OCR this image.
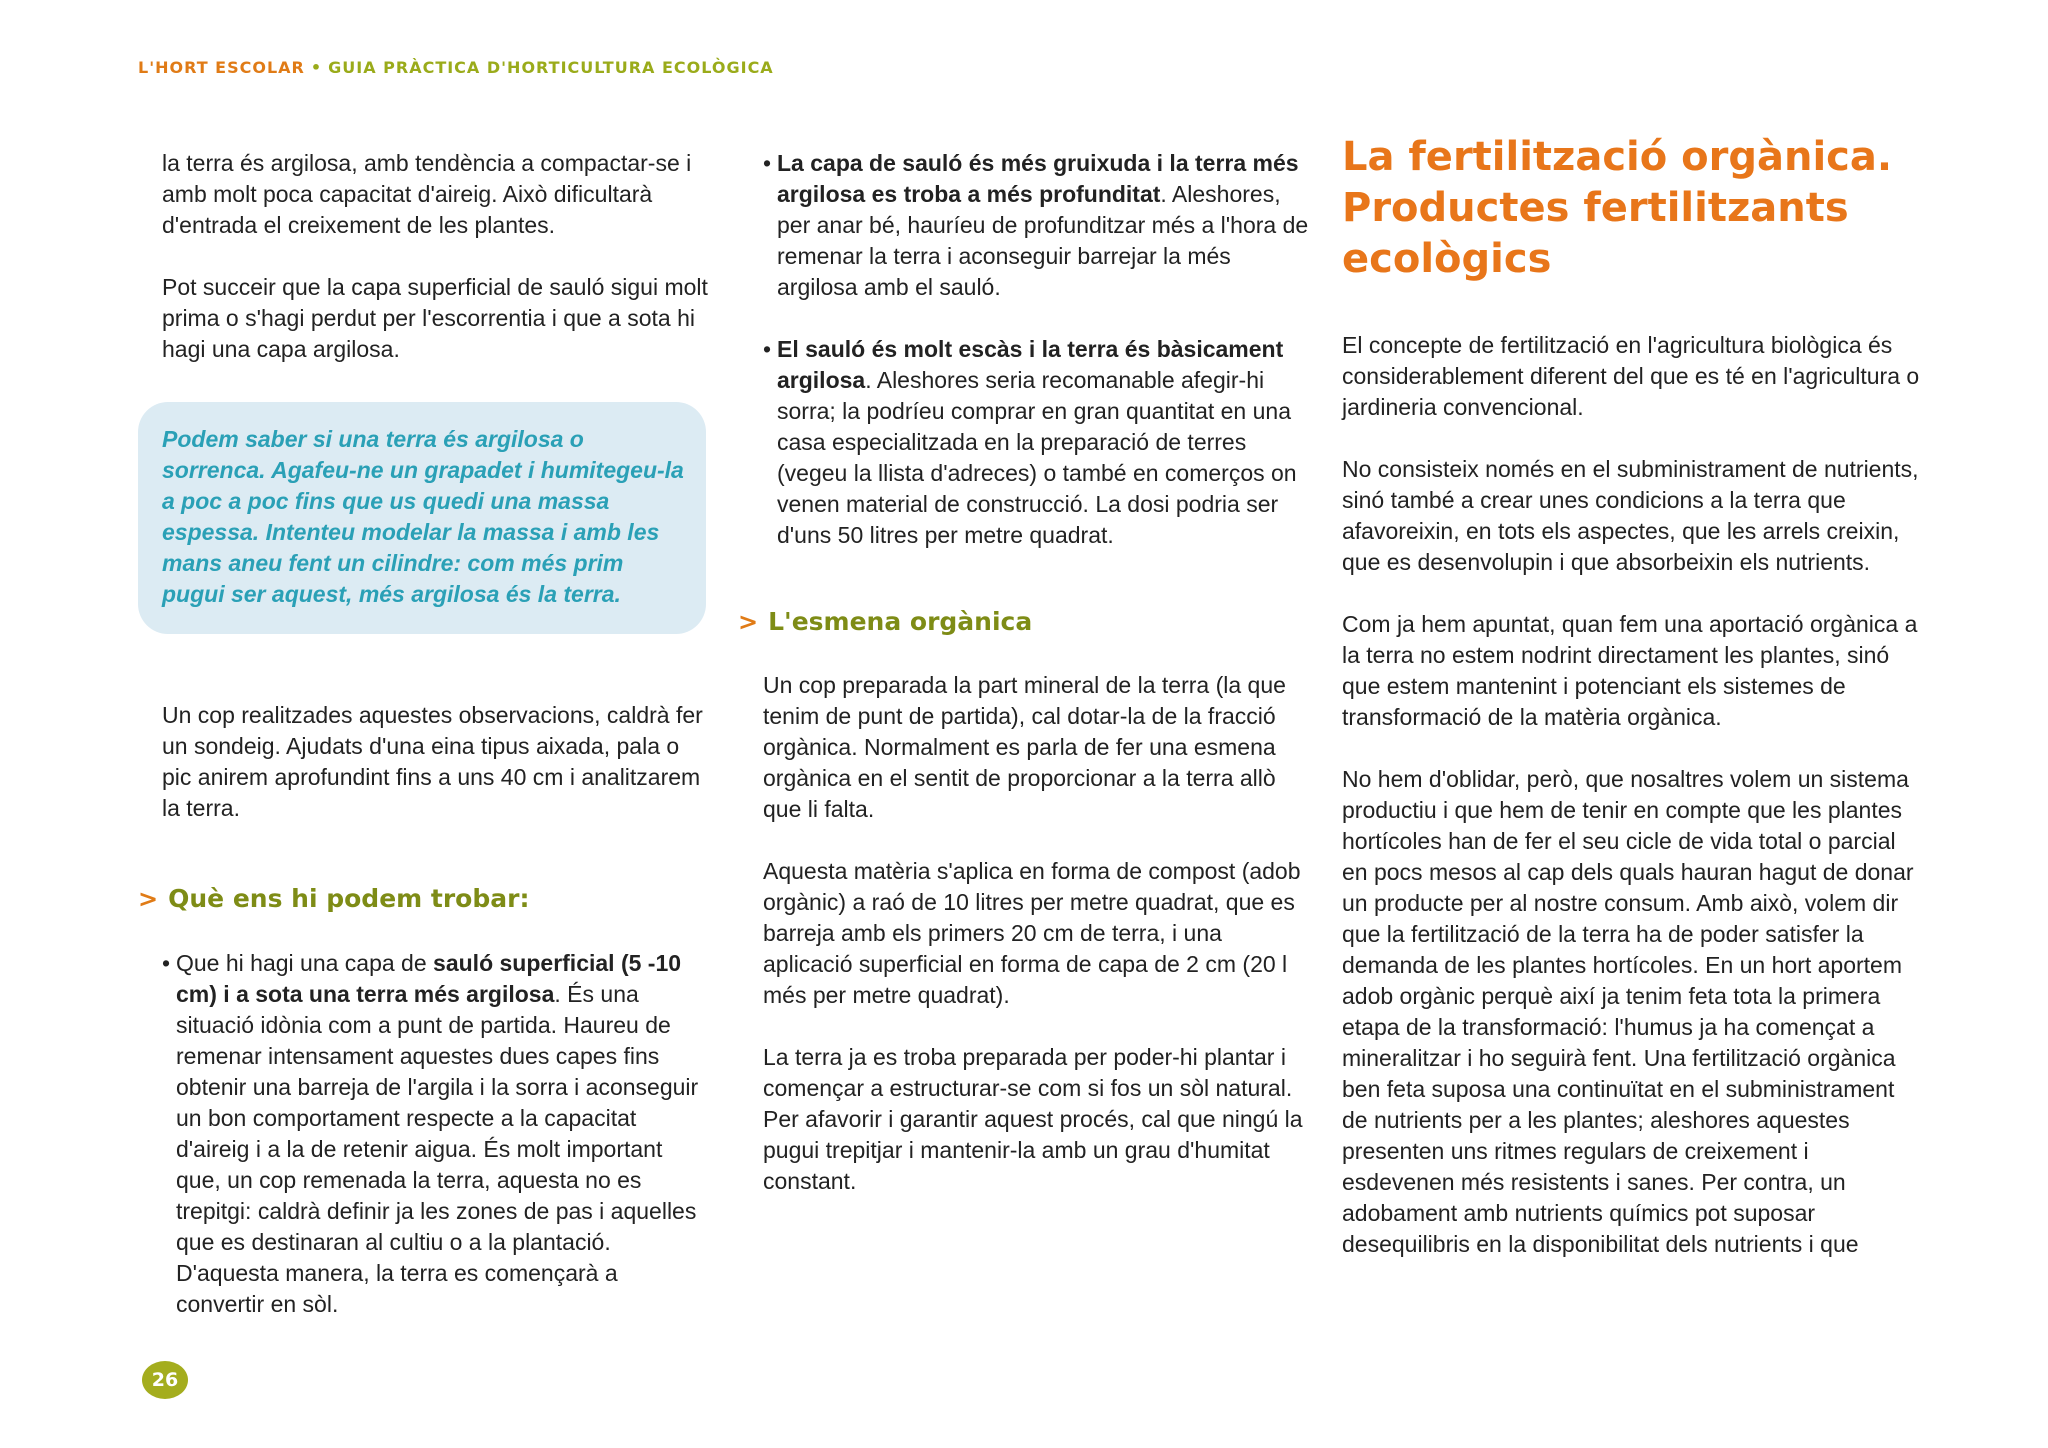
L'HORT ESCOLAR • GUIA PRÀCTICA D'HORTICULTURA ECOLÒGICA

la terra és argilosa, amb tendència a compactar-se i amb molt poca capacitat d'aireig. Això dificultarà d'entrada el creixement de les plantes.

Pot succeir que la capa superficial de sauló sigui molt prima o s'hagi perdut per l'escorrentia i que a sota hi hagi una capa argilosa.

Podem saber si una terra és argilosa o sorrenca. Agafeu-ne un grapadet i humitegeu-la a poc a poc fins que us quedi una massa espessa. Intenteu modelar la massa i amb les mans aneu fent un cilindre: com més prim pugui ser aquest, més argilosa és la terra.

Un cop realitzades aquestes observacions, caldrà fer un sondeig. Ajudats d'una eina tipus aixada, pala o pic anirem aprofundint fins a uns 40 cm i analitzarem la terra.

> Què ens hi podem trobar:

• Que hi hagi una capa de sauló superficial (5 -10 cm) i a sota una terra més argilosa. És una situació idònia com a punt de partida. Haureu de remenar intensament aquestes dues capes fins obtenir una barreja de l'argila i la sorra i aconseguir un bon comportament respecte a la capacitat d'aireig i a la de retenir aigua. És molt important que, un cop remenada la terra, aquesta no es trepitgi: caldrà definir ja les zones de pas i aquelles que es destinaran al cultiu o a la plantació. D'aquesta manera, la terra es començarà a convertir en sòl.

• La capa de sauló és més gruixuda i la terra més argilosa es troba a més profunditat. Aleshores, per anar bé, hauríeu de profunditzar més a l'hora de remenar la terra i aconseguir barrejar la més argilosa amb el sauló.

• El sauló és molt escàs i la terra és bàsicament argilosa. Aleshores seria recomanable afegir-hi sorra; la podríeu comprar en gran quantitat en una casa especialitzada en la preparació de terres (vegeu la llista d'adreces) o també en comerços on venen material de construcció. La dosi podria ser d'uns 50 litres per metre quadrat.

> L'esmena orgànica

Un cop preparada la part mineral de la terra (la que tenim de punt de partida), cal dotar-la de la fracció orgànica. Normalment es parla de fer una esmena orgànica en el sentit de proporcionar a la terra allò que li falta.

Aquesta matèria s'aplica en forma de compost (adob orgànic) a raó de 10 litres per metre quadrat, que es barreja amb els primers 20 cm de terra, i una aplicació superficial en forma de capa de 2 cm (20 l més per metre quadrat).

La terra ja es troba preparada per poder-hi plantar i començar a estructurar-se com si fos un sòl natural. Per afavorir i garantir aquest procés, cal que ningú la pugui trepitjar i mantenir-la amb un grau d'humitat constant.

La fertilització orgànica. Productes fertilitzants ecològics

El concepte de fertilització en l'agricultura biològica és considerablement diferent del que es té en l'agricultura o jardineria convencional.

No consisteix només en el subministrament de nutrients, sinó també a crear unes condicions a la terra que afavoreixin, en tots els aspectes, que les arrels creixin, que es desenvolupin i que absorbeixin els nutrients.

Com ja hem apuntat, quan fem una aportació orgànica a la terra no estem nodrint directament les plantes, sinó que estem mantenint i potenciant els sistemes de transformació de la matèria orgànica.

No hem d'oblidar, però, que nosaltres volem un sistema productiu i que hem de tenir en compte que les plantes hortícoles han de fer el seu cicle de vida total o parcial en pocs mesos al cap dels quals hauran hagut de donar un producte per al nostre consum. Amb això, volem dir que la fertilització de la terra ha de poder satisfer la demanda de les plantes hortícoles. En un hort aportem adob orgànic perquè així ja tenim feta tota la primera etapa de la transformació: l'humus ja ha començat a mineralitzar i ho seguirà fent. Una fertilització orgànica ben feta suposa una continuïtat en el subministrament de nutrients per a les plantes; aleshores aquestes presenten uns ritmes regulars de creixement i esdevenen més resistents i sanes. Per contra, un adobament amb nutrients químics pot suposar desequilibris en la disponibilitat dels nutrients i que

26
